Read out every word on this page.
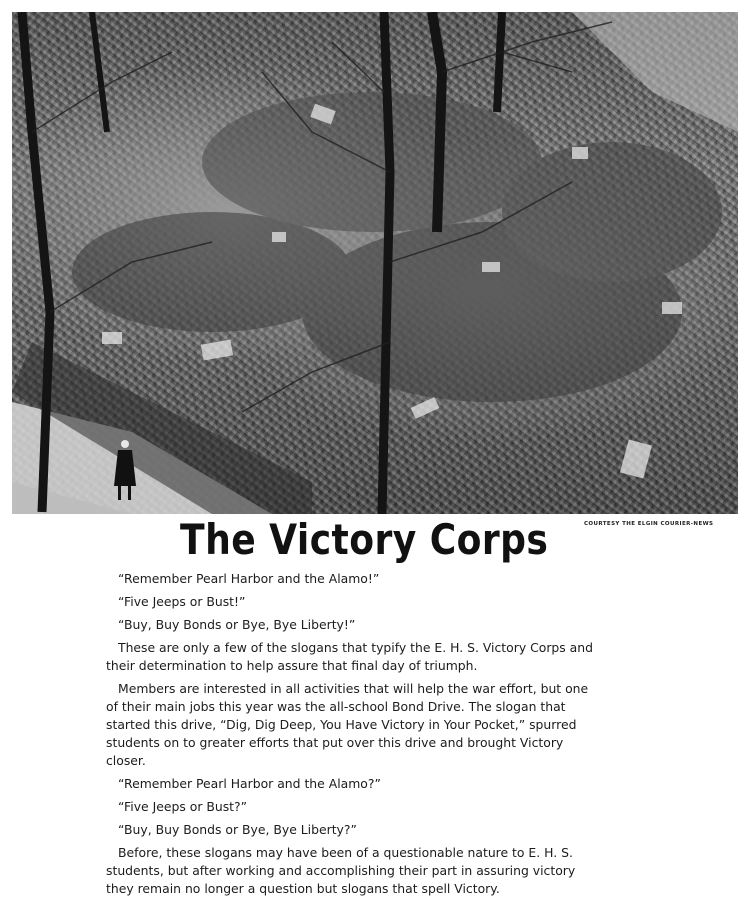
COURTESY THE ELGIN COURIER-NEWS
The Victory Corps

“Remember Pearl Harbor and the Alamo!”

“Five Jeeps or Bust!”

“Buy, Buy Bonds or Bye, Bye Liberty!”

These are only a few of the slogans that typify the E. H. S. Victory Corps and their determination to help assure that final day of triumph.

Members are interested in all activities that will help the war effort, but one of their main jobs this year was the all-school Bond Drive. The slogan that started this drive, “Dig, Dig Deep, You Have Victory in Your Pocket,” spurred students on to greater efforts that put over this drive and brought Victory closer.

“Remember Pearl Harbor and the Alamo?”

“Five Jeeps or Bust?”

“Buy, Buy Bonds or Bye, Bye Liberty?”

Before, these slogans may have been of a questionable nature to E. H. S. students, but after working and accomplishing their part in assuring victory they remain no longer a question but slogans that spell Victory.
